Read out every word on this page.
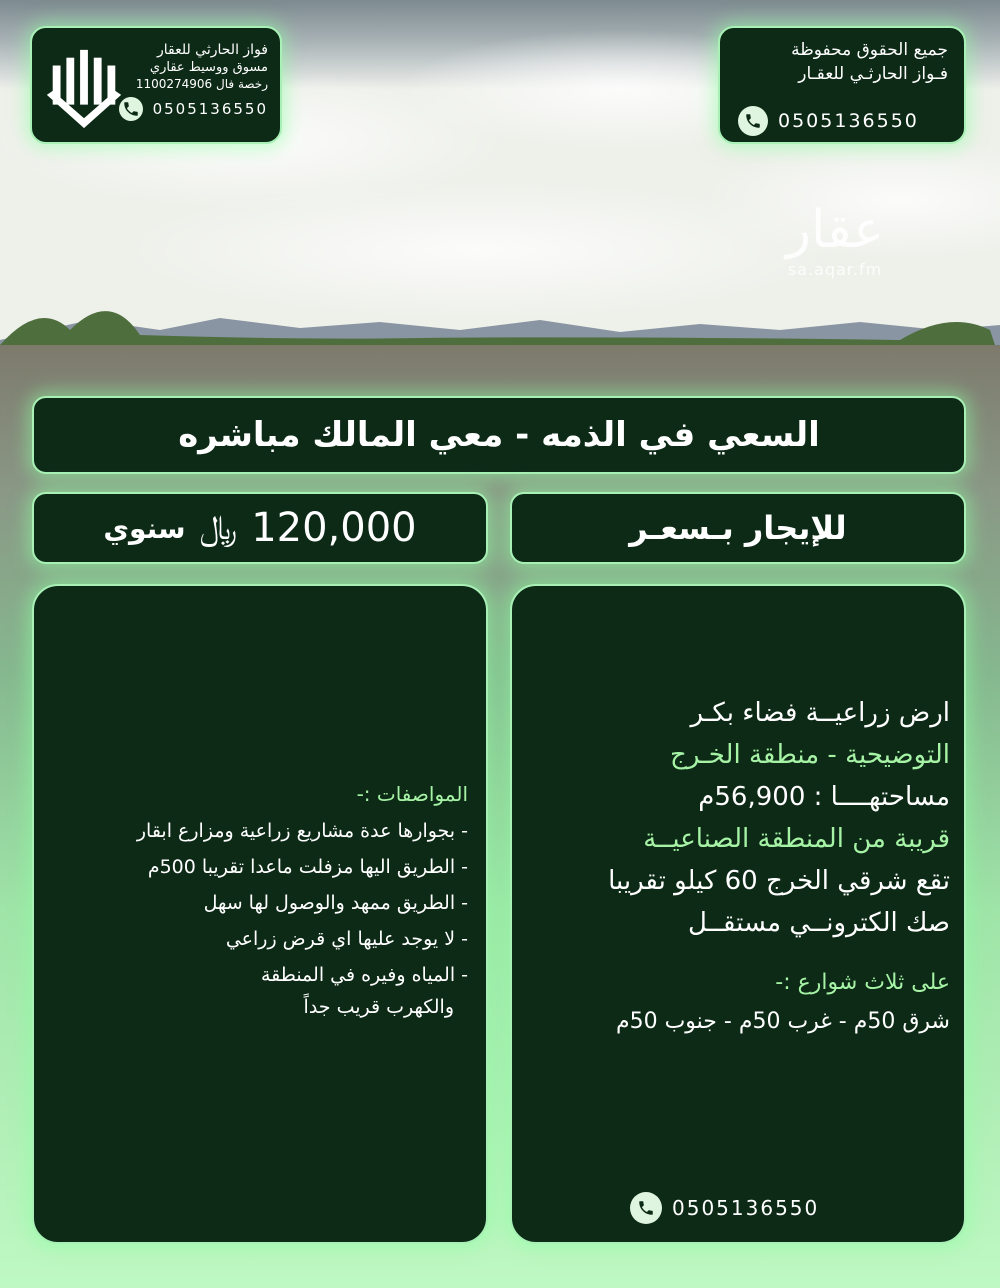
فواز الحارثي للعقار
مسوق ووسيط عقاري
رخصة فال 1100274906
0505136550
جميع الحقوق محفوظة
فـواز الحارثـي للعقـار
0505136550
عقار
sa.aqar.fm
السعي في الذمه - معي المالك مباشره
سنوي ﷼ 120,000	للإيجار بـسعـر
المواصفات :-
- بجوارها عدة مشاريع زراعية ومزارع ابقار
- الطريق اليها مزفلت ماعدا تقريبا 500م
- الطريق ممهد والوصول لها سهل
- لا يوجد عليها اي قرض زراعي
- المياه وفيره في المنطقة
والكهرب قريب جداً
ارض زراعيــة فضاء بكـر
التوضيحية - منطقة الخـرج
مساحتهــــا : 56,900م
قريبة من المنطقة الصناعيــة
تقع شرقي الخرج 60 كيلو تقريبا
صك الكترونــي مستقــل
على ثلاث شوارع :-
شرق 50م - غرب 50م - جنوب 50م
0505136550
